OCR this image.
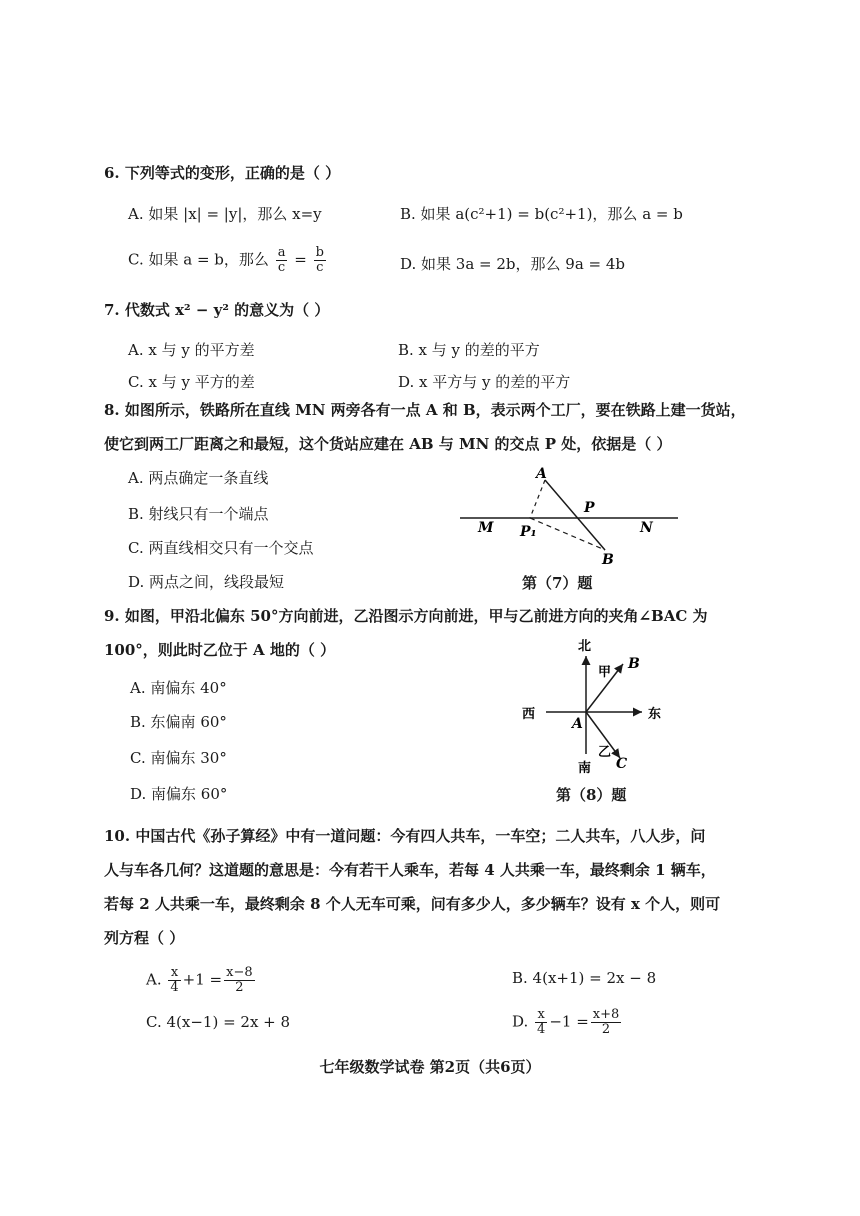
6. 下列等式的变形，正确的是（ ）
A. 如果 |x| = |y|，那么 x=y	B. 如果 a(c²+1) = b(c²+1)，那么 a = b
C. 如果 a = b，那么 $\frac{a}{c} = \frac{b}{c}$	D. 如果 3a = 2b，那么 9a = 4b
7. 代数式 x² − y² 的意义为（ ）
A. x 与 y 的平方差	B. x 与 y 的差的平方
C. x 与 y 平方的差	D. x 平方与 y 的差的平方
8. 如图所示，铁路所在直线 MN 两旁各有一点 A 和 B，表示两个工厂，要在铁路上建一货站，
使它到两工厂距离之和最短，这个货站应建在 AB 与 MN 的交点 P 处，依据是（ ）
A. 两点确定一条直线
B. 射线只有一个端点
C. 两直线相交只有一个交点
D. 两点之间，线段最短
A
P
M	N
P₁
B
第（7）题
9. 如图，甲沿北偏东 50°方向前进，乙沿图示方向前进，甲与乙前进方向的夹角∠BAC 为
100°，则此时乙位于 A 地的（ ）
A. 南偏东 40°
B. 东偏南 60°
C. 南偏东 30°
D. 南偏东 60°
北
南
东
西
甲
乙
A
B
C
第（8）题
10. 中国古代《孙子算经》中有一道问题：今有四人共车，一车空；二人共车，八人步，问
人与车各几何？这道题的意思是：今有若干人乘车，若每 4 人共乘一车，最终剩余 1 辆车，
若每 2 人共乘一车，最终剩余 8 个人无车可乘，问有多少人，多少辆车？设有 x 个人，则可
列方程（ ）
A. $\frac{x}{4} +1 = \frac{x-8}{2}$	B. 4(x+1) = 2x − 8
C. 4(x−1) = 2x + 8	D. $\frac{x}{4} -1 = \frac{x+8}{2}$
七年级数学试卷 第2页（共6页）
